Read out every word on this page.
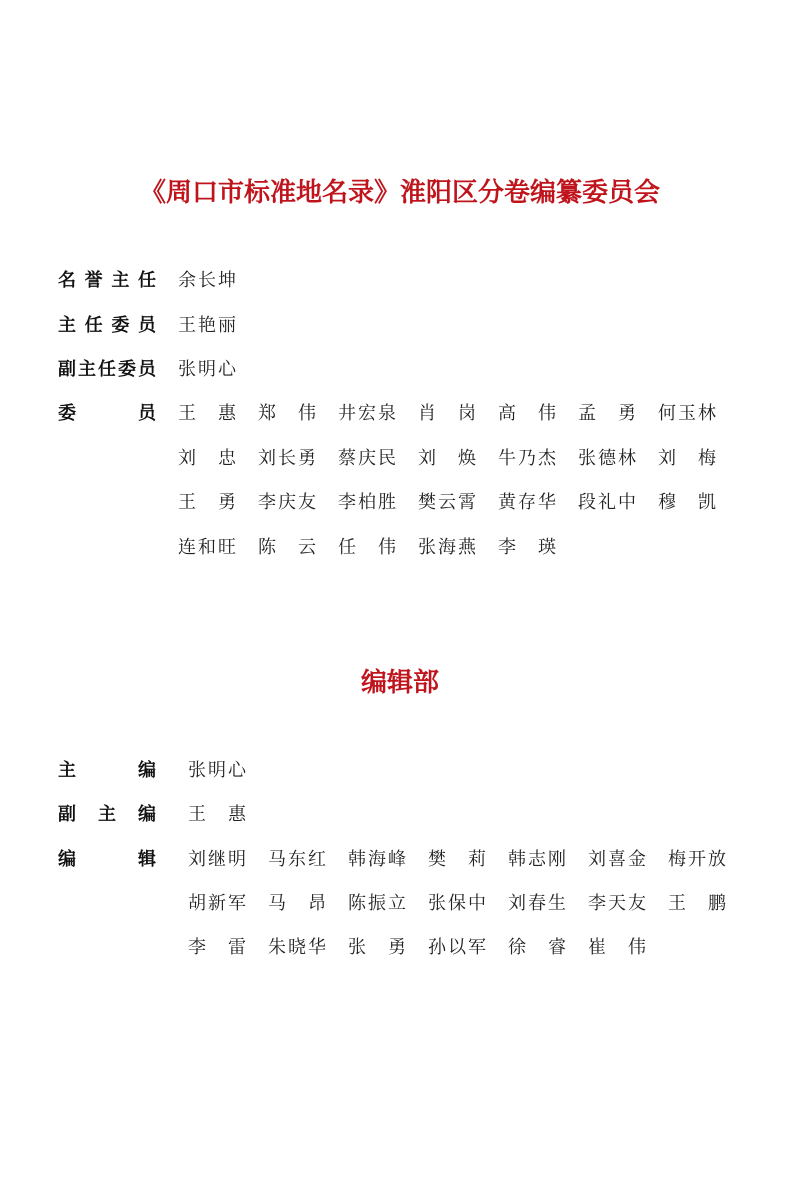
《周口市标准地名录》淮阳区分卷编纂委员会
名 誉 主 任 余长坤
主 任 委 员 王艳丽
副主任委员 张明心
委　　　员 王 惠 郑 伟 井宏泉 肖 岗 高 伟 孟 勇 何玉林
刘 忠 刘长勇 蔡庆民 刘 焕 牛乃杰 张德林 刘 梅
王 勇 李庆友 李柏胜 樊云霄 黄存华 段礼中 穆 凯
连和旺 陈 云 任 伟 张海燕 李 瑛
编辑部
主　　编 张明心
副 主 编 王 惠
编　　辑 刘继明 马东红 韩海峰 樊 莉 韩志刚 刘喜金 梅开放
胡新军 马 昂 陈振立 张保中 刘春生 李天友 王 鹏
李 雷 朱晓华 张 勇 孙以军 徐 睿 崔 伟
